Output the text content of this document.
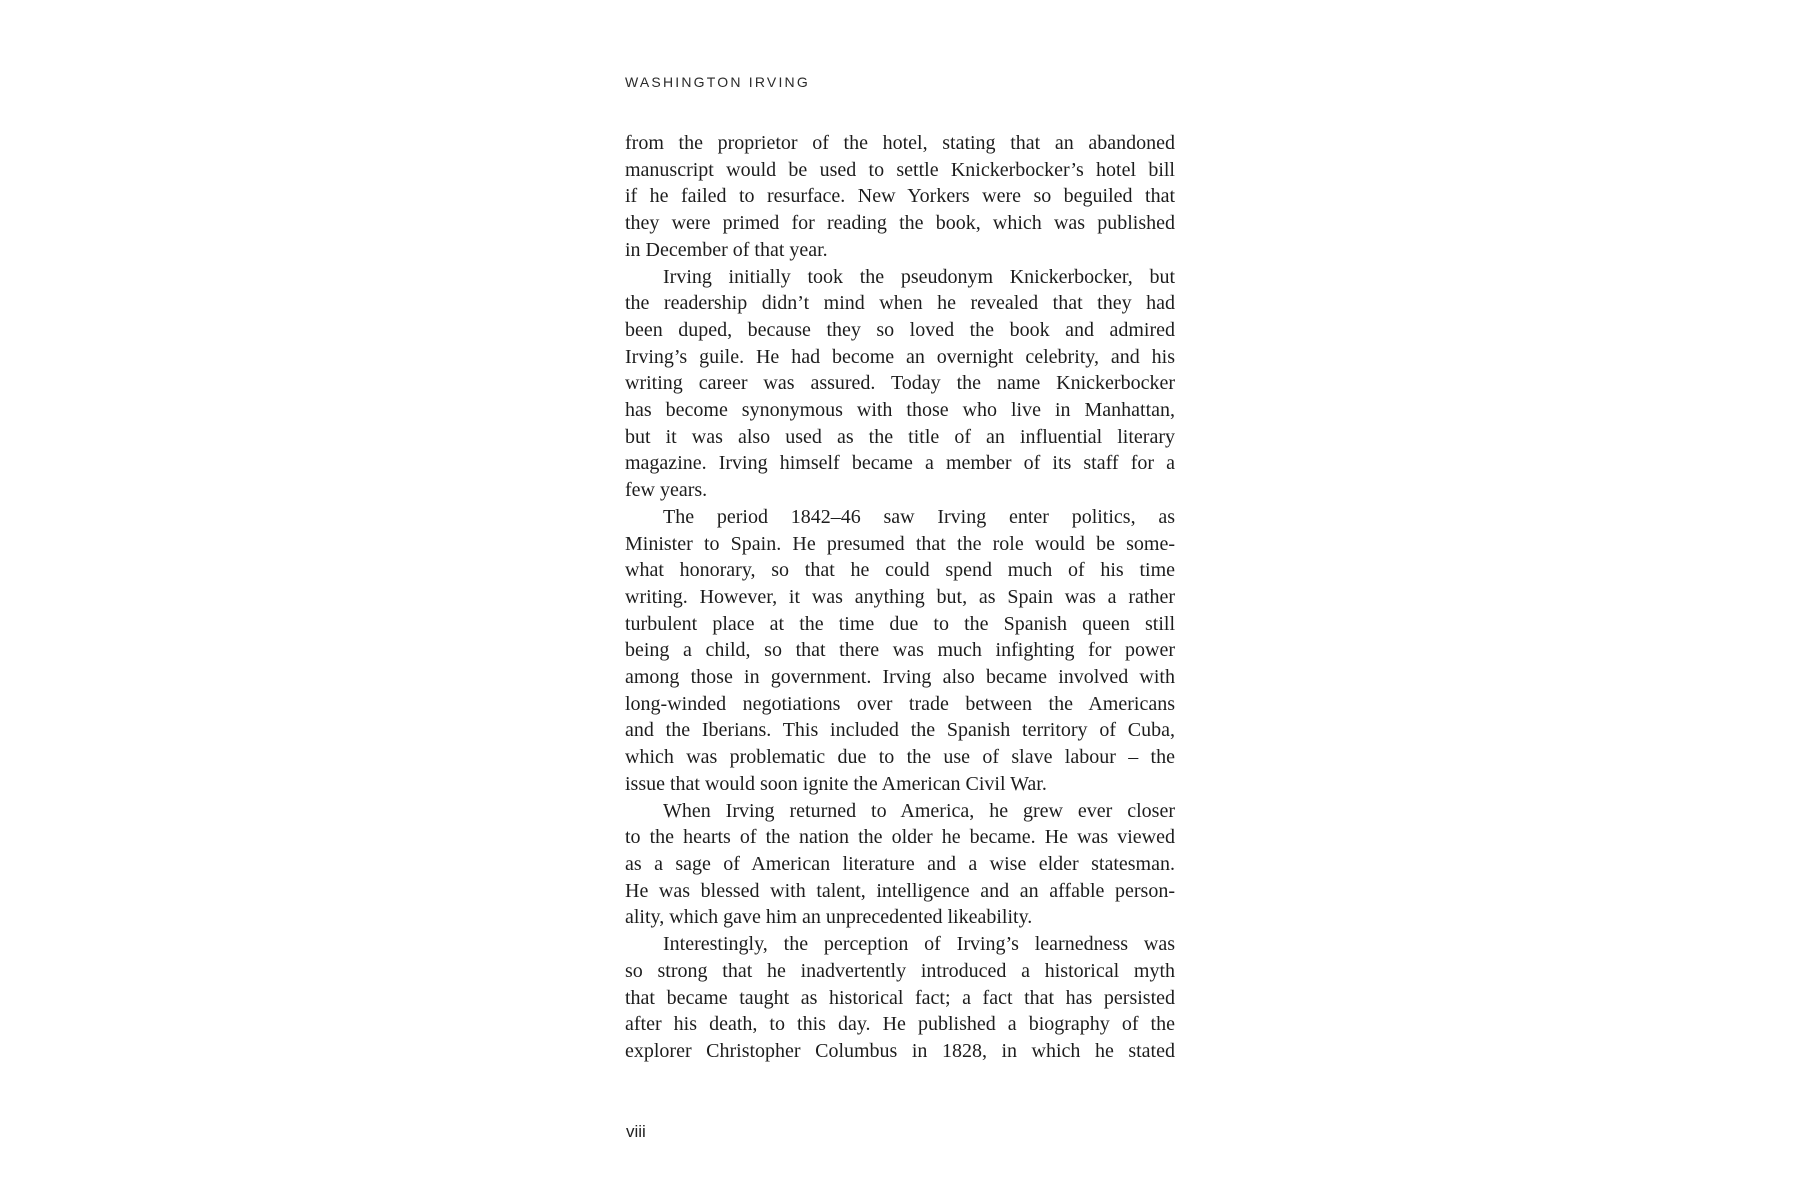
WASHINGTON IRVING
from the proprietor of the hotel, stating that an abandoned
manuscript would be used to settle Knickerbocker’s hotel bill
if he failed to resurface. New Yorkers were so beguiled that
they were primed for reading the book, which was published
in December of that year.
Irving initially took the pseudonym Knickerbocker, but
the readership didn’t mind when he revealed that they had
been duped, because they so loved the book and admired
Irving’s guile. He had become an overnight celebrity, and his
writing career was assured. Today the name Knickerbocker
has become synonymous with those who live in Manhattan,
but it was also used as the title of an influential literary
magazine. Irving himself became a member of its staff for a
few years.
The period 1842–46 saw Irving enter politics, as
Minister to Spain. He presumed that the role would be some-
what honorary, so that he could spend much of his time
writing. However, it was anything but, as Spain was a rather
turbulent place at the time due to the Spanish queen still
being a child, so that there was much infighting for power
among those in government. Irving also became involved with
long-winded negotiations over trade between the Americans
and the Iberians. This included the Spanish territory of Cuba,
which was problematic due to the use of slave labour – the
issue that would soon ignite the American Civil War.
When Irving returned to America, he grew ever closer
to the hearts of the nation the older he became. He was viewed
as a sage of American literature and a wise elder statesman.
He was blessed with talent, intelligence and an affable person-
ality, which gave him an unprecedented likeability.
Interestingly, the perception of Irving’s learnedness was
so strong that he inadvertently introduced a historical myth
that became taught as historical fact; a fact that has persisted
after his death, to this day. He published a biography of the
explorer Christopher Columbus in 1828, in which he stated
viii
